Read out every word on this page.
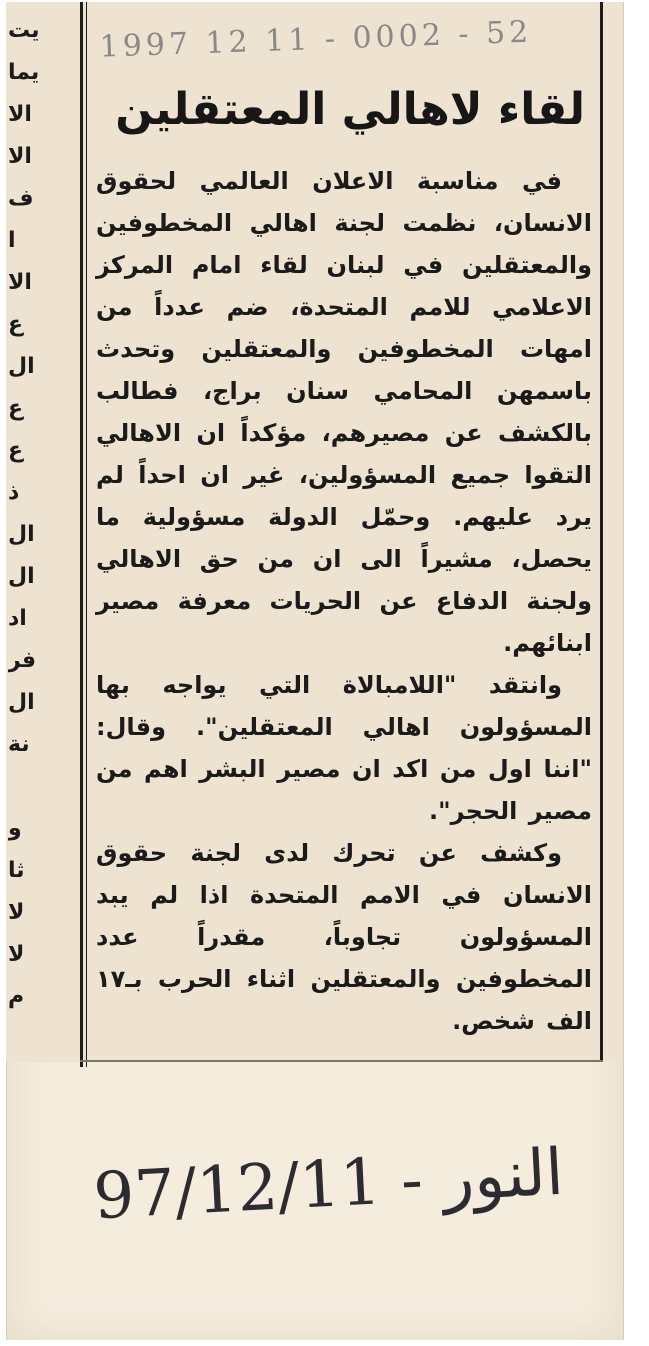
يت
يما
الا
الا
ف
ا
الا
ع
ال
ع
ع
ذ
ال
ال
اد
فر
ال
نة
و
ثا
لا
لا
م
1997 12 11 - 0002 - 52
لقاء لاهالي المعتقلين

في مناسبة الاعلان العالمي لحقوق الانسان، نظمت لجنة اهالي المخطوفين والمعتقلين في لبنان لقاء امام المركز الاعلامي للامم المتحدة، ضم عدداً من امهات المخطوفين والمعتقلين وتحدث باسمهن المحامي سنان براج، فطالب بالكشف عن مصيرهم، مؤكداً ان الاهالي التقوا جميع المسؤولين، غير ان احداً لم يرد عليهم. وحمّل الدولة مسؤولية ما يحصل، مشيراً الى ان من حق الاهالي ولجنة الدفاع عن الحريات معرفة مصير ابنائهم.

وانتقد "اللامبالاة التي يواجه بها المسؤولون اهالي المعتقلين". وقال: "اننا اول من اكد ان مصير البشر اهم من مصير الحجر".

وكشف عن تحرك لدى لجنة حقوق الانسان في الامم المتحدة اذا لم يبد المسؤولون تجاوباً، مقدراً عدد المخطوفين والمعتقلين اثناء الحرب بـ١٧ الف شخص.

97/12/11 - النور
